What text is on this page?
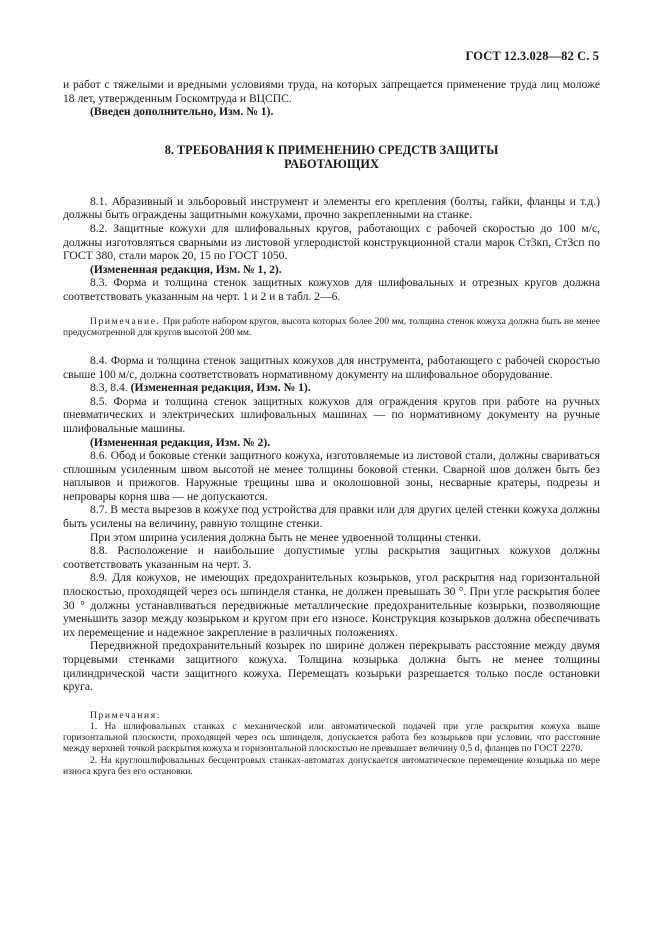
ГОСТ 12.3.028—82 С. 5

и работ с тяжелыми и вредными условиями труда, на которых запрещается применение труда лиц моложе 18 лет, утвержденным Госкомтруда и ВЦСПС.

(Введен дополнительно, Изм. № 1).

8. ТРЕБОВАНИЯ К ПРИМЕНЕНИЮ СРЕДСТВ ЗАЩИТЫ

РАБОТАЮЩИХ

8.1. Абразивный и эльборовый инструмент и элементы его крепления (болты, гайки, фланцы и т.д.) должны быть ограждены защитными кожухами, прочно закрепленными на станке.

8.2. Защитные кожухи для шлифовальных кругов, работающих с рабочей скоростью до 100 м/с, должны изготовляться сварными из листовой углеродистой конструкционной стали марок Ст3кп, Ст3сп по ГОСТ 380, стали марок 20, 15 по ГОСТ 1050.

(Измененная редакция, Изм. № 1, 2).

8.3. Форма и толщина стенок защитных кожухов для шлифовальных и отрезных кругов должна соответствовать указанным на черт. 1 и 2 и в табл. 2—6.

Примечание. При работе набором кругов, высота которых более 200 мм, толщина стенок кожуха должна быть не менее предусмотренной для кругов высотой 200 мм.

8.4. Форма и толщина стенок защитных кожухов для инструмента, работающего с рабочей скоростью свыше 100 м/с, должна соответствовать нормативному документу на шлифовальное оборудование.

8.3, 8.4. (Измененная редакция, Изм. № 1).

8.5. Форма и толщина стенок защитных кожухов для ограждения кругов при работе на ручных пневматических и электрических шлифовальных машинах — по нормативному документу на ручные шлифовальные машины.

(Измененная редакция, Изм. № 2).

8.6. Обод и боковые стенки защитного кожуха, изготовляемые из листовой стали, должны свариваться сплошным усиленным швом высотой не менее толщины боковой стенки. Сварной шов должен быть без наплывов и прижогов. Наружные трещины шва и околошовной зоны, несварные кратеры, подрезы и непровары корня шва — не допускаются.

8.7. В места вырезов в кожухе под устройства для правки или для других целей стенки кожуха должны быть усилены на величину, равную толщине стенки.

При этом ширина усиления должна быть не менее удвоенной толщины стенки.

8.8. Расположение и наибольшие допустимые углы раскрытия защитных кожухов должны соответствовать указанным на черт. 3.

8.9. Для кожухов, не имеющих предохранительных козырьков, угол раскрытия над горизонтальной плоскостью, проходящей через ось шпинделя станка, не должен превышать 30 °. При угле раскрытия более 30 ° должны устанавливаться передвижные металлические предохранительные козырьки, позволяющие уменьшить зазор между козырьком и кругом при его износе. Конструкция козырьков должна обеспечивать их перемещение и надежное закрепление в различных положениях.

Передвижной предохранительный козырек по ширине должен перекрывать расстояние между двумя торцевыми стенками защитного кожуха. Толщина козырька должна быть не менее толщины цилиндрической части защитного кожуха. Перемещать козырьки разрешается только после остановки круга.

Примечания:

1. На шлифовальных станках с механической или автоматической подачей при угле раскрытия кожуха выше горизонтальной плоскости, проходящей через ось шпинделя, допускается работа без козырьков при условии, что расстояние между верхней точкой раскрытия кожуха и горизонтальной плоскостью не превышает величину 0,5 d₁ фланцев по ГОСТ 2270.

2. На круглошлифовальных бесцентровых станках-автоматах допускается автоматическое перемещение козырька по мере износа круга без его остановки.
